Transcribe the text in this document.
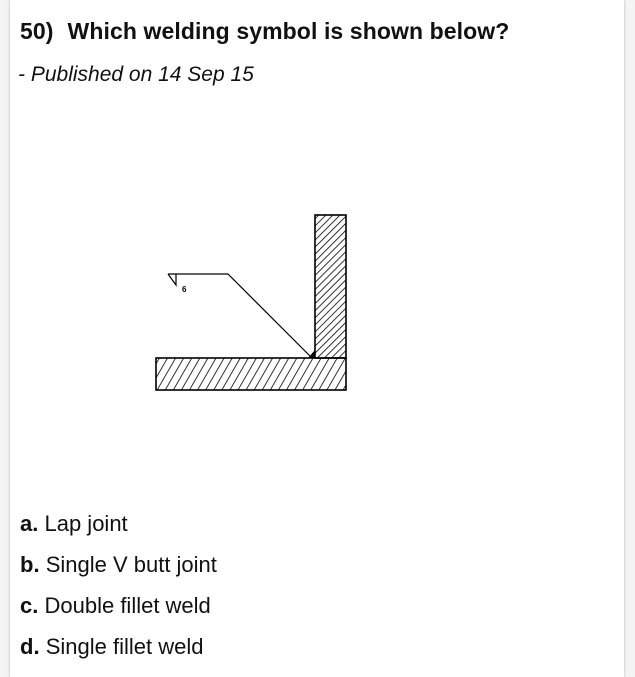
50) Which welding symbol is shown below?

- Published on 14 Sep 15

6
a. Lap joint
b. Single V butt joint
c. Double fillet weld
d. Single fillet weld
